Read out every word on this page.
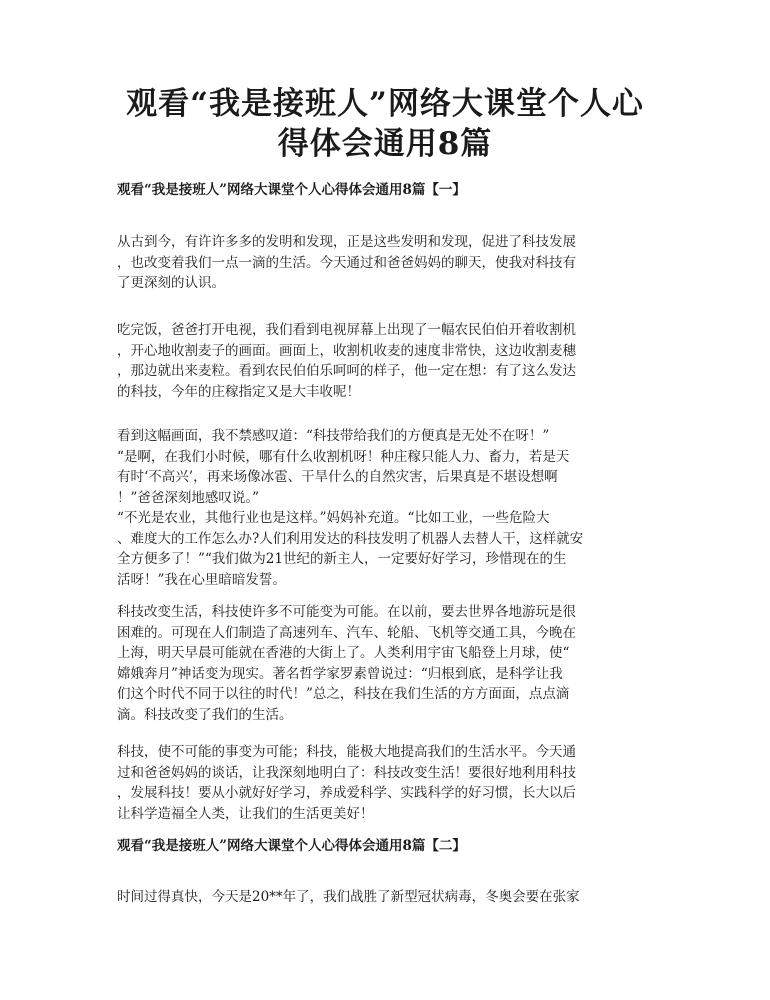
观看“我是接班人”网络大课堂个人心
得体会通用8篇
观看“我是接班人”网络大课堂个人心得体会通用8篇【一】

从古到今，有许许多多的发明和发现，正是这些发明和发现，促进了科技发展
，也改变着我们一点一滴的生活。今天通过和爸爸妈妈的聊天，使我对科技有
了更深刻的认识。

吃完饭，爸爸打开电视，我们看到电视屏幕上出现了一幅农民伯伯开着收割机
，开心地收割麦子的画面。画面上，收割机收麦的速度非常快，这边收割麦穗
，那边就出来麦粒。看到农民伯伯乐呵呵的样子，他一定在想：有了这么发达
的科技，今年的庄稼指定又是大丰收呢！

看到这幅画面，我不禁感叹道：“科技带给我们的方便真是无处不在呀！”
“是啊，在我们小时候，哪有什么收割机呀！种庄稼只能人力、畜力，若是天
有时‘不高兴’，再来场像冰雹、干旱什么的自然灾害，后果真是不堪设想啊
！”爸爸深刻地感叹说。”
“不光是农业，其他行业也是这样。”妈妈补充道。“比如工业，一些危险大
、难度大的工作怎么办?人们利用发达的科技发明了机器人去替人干，这样就安
全方便多了！”“我们做为21世纪的新主人，一定要好好学习，珍惜现在的生
活呀！”我在心里暗暗发誓。

科技改变生活，科技使许多不可能变为可能。在以前，要去世界各地游玩是很
困难的。可现在人们制造了高速列车、汽车、轮船、飞机等交通工具，今晚在
上海，明天早晨可能就在香港的大街上了。人类利用宇宙飞船登上月球，使“
嫦娥奔月”神话变为现实。著名哲学家罗素曾说过：“归根到底，是科学让我
们这个时代不同于以往的时代！”总之，科技在我们生活的方方面面，点点滴
滴。科技改变了我们的生活。

科技，使不可能的事变为可能；科技，能极大地提高我们的生活水平。今天通
过和爸爸妈妈的谈话，让我深刻地明白了：科技改变生活！要很好地利用科技
，发展科技！要从小就好好学习，养成爱科学、实践科学的好习惯，长大以后
让科学造福全人类，让我们的生活更美好！

观看“我是接班人”网络大课堂个人心得体会通用8篇【二】

时间过得真快，今天是20**年了，我们战胜了新型冠状病毒，冬奥会要在张家
